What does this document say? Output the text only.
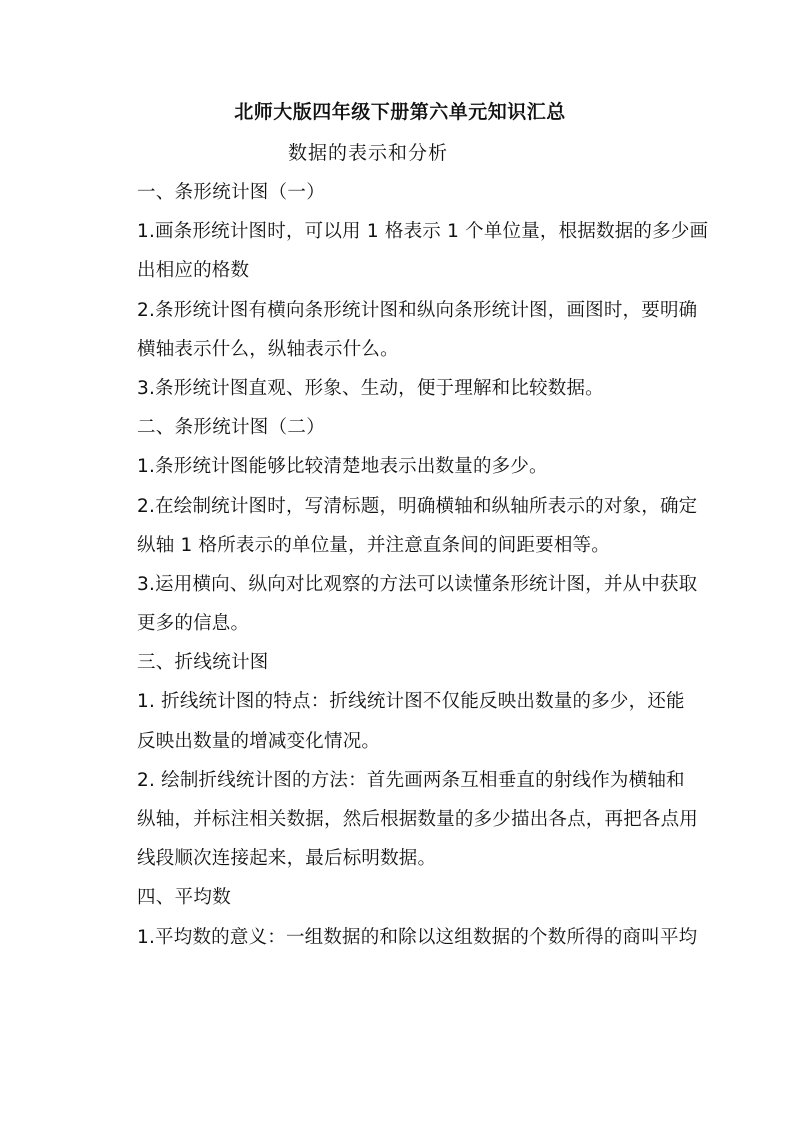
北师大版四年级下册第六单元知识汇总
数据的表示和分析
一、条形统计图（一）
1.画条形统计图时，可以用 1 格表示 1 个单位量，根据数据的多少画
出相应的格数
2.条形统计图有横向条形统计图和纵向条形统计图，画图时，要明确
横轴表示什么，纵轴表示什么。
3.条形统计图直观、形象、生动，便于理解和比较数据。
二、条形统计图（二）
1.条形统计图能够比较清楚地表示出数量的多少。
2.在绘制统计图时，写清标题，明确横轴和纵轴所表示的对象，确定
纵轴 1 格所表示的单位量，并注意直条间的间距要相等。
3.运用横向、纵向对比观察的方法可以读懂条形统计图，并从中获取
更多的信息。
三、折线统计图
1. 折线统计图的特点：折线统计图不仅能反映出数量的多少，还能
反映出数量的增减变化情况。
2. 绘制折线统计图的方法：首先画两条互相垂直的射线作为横轴和
纵轴，并标注相关数据，然后根据数量的多少描出各点，再把各点用
线段顺次连接起来，最后标明数据。
四、平均数
1.平均数的意义：一组数据的和除以这组数据的个数所得的商叫平均
